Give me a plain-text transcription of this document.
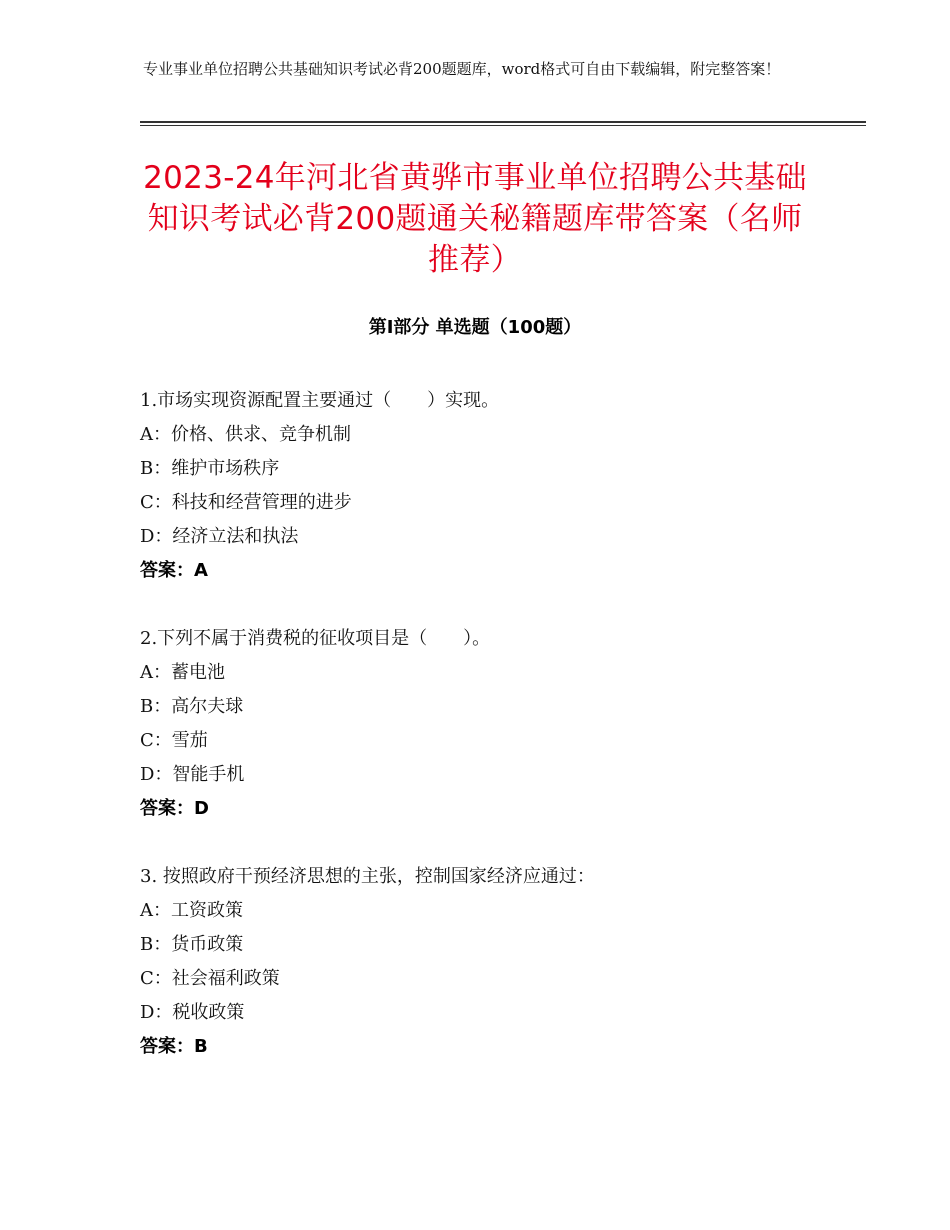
专业事业单位招聘公共基础知识考试必背200题题库，word格式可自由下载编辑，附完整答案！
2023-24年河北省黄骅市事业单位招聘公共基础知识考试必背200题通关秘籍题库带答案（名师推荐）
第Ⅰ部分 单选题（100题）
1.市场实现资源配置主要通过（　　）实现。
A：价格、供求、竞争机制
B：维护市场秩序
C：科技和经营管理的进步
D：经济立法和执法
答案：A
2.下列不属于消费税的征收项目是（　　）。
A：蓄电池
B：高尔夫球
C：雪茄
D：智能手机
答案：D
3. 按照政府干预经济思想的主张，控制国家经济应通过：
A：工资政策
B：货币政策
C：社会福利政策
D：税收政策
答案：B
